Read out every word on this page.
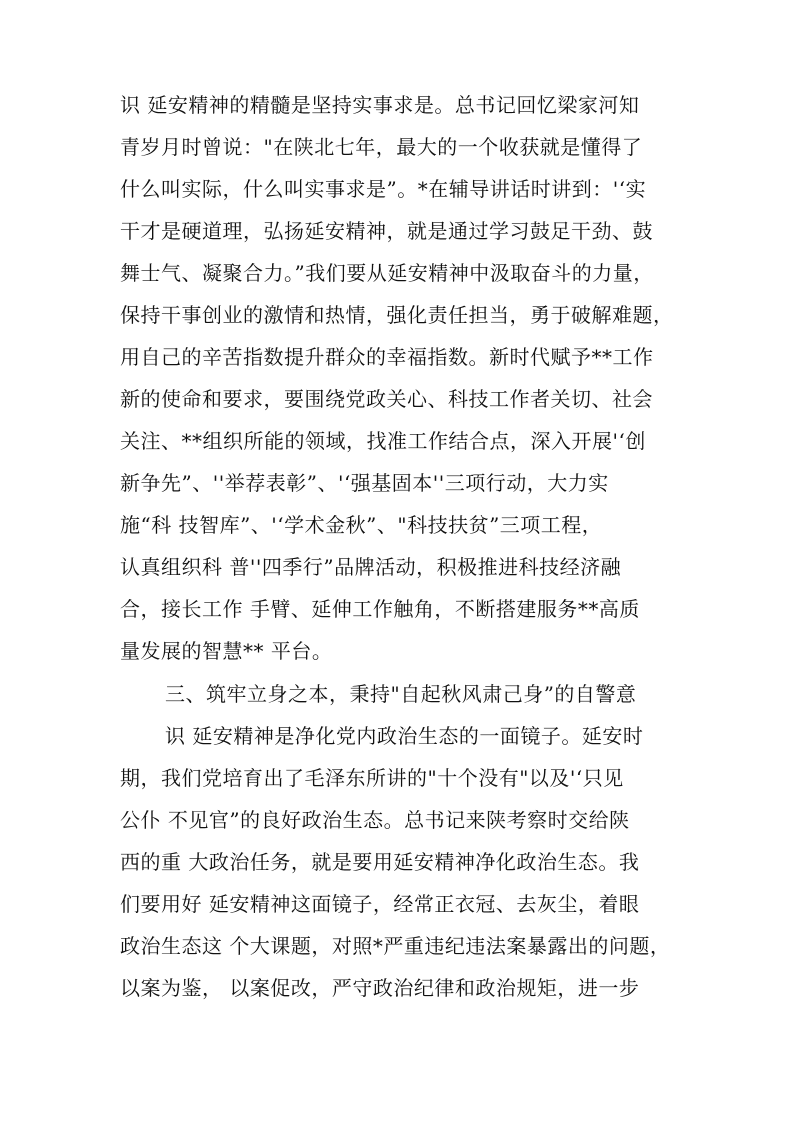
识 延安精神的精髓是坚持实事求是。总书记回忆梁家河知
青岁月时曾说："在陕北七年，最大的一个收获就是懂得了
什么叫实际，什么叫实事求是”。*在辅导讲话时讲到：'‘实
干才是硬道理，弘扬延安精神，就是通过学习鼓足干劲、鼓
舞士气、凝聚合力。”我们要从延安精神中汲取奋斗的力量，
保持干事创业的激情和热情，强化责任担当，勇于破解难题，
用自己的辛苦指数提升群众的幸福指数。新时代赋予**工作
新的使命和要求，要围绕党政关心、科技工作者关切、社会
关注、**组织所能的领域，找准工作结合点，深入开展'‘创
新争先”、''举荐表彰”、'‘强基固本''三项行动，大力实
施“科 技智库”、'‘学术金秋”、"科技扶贫”三项工程，
认真组织科 普''四季行”品牌活动，积极推进科技经济融
合，接长工作 手臂、延伸工作触角，不断搭建服务**高质
量发展的智慧** 平台。
三、筑牢立身之本，秉持"自起秋风肃己身”的自警意
识 延安精神是净化党内政治生态的一面镜子。延安时
期，我们党培育出了毛泽东所讲的"十个没有"以及'‘只见
公仆 不见官”的良好政治生态。总书记来陕考察时交给陕
西的重 大政治任务，就是要用延安精神净化政治生态。我
们要用好 延安精神这面镜子，经常正衣冠、去灰尘，着眼
政治生态这 个大课题，对照*严重违纪违法案暴露出的问题，
以案为鉴， 以案促改，严守政治纪律和政治规矩，进一步
